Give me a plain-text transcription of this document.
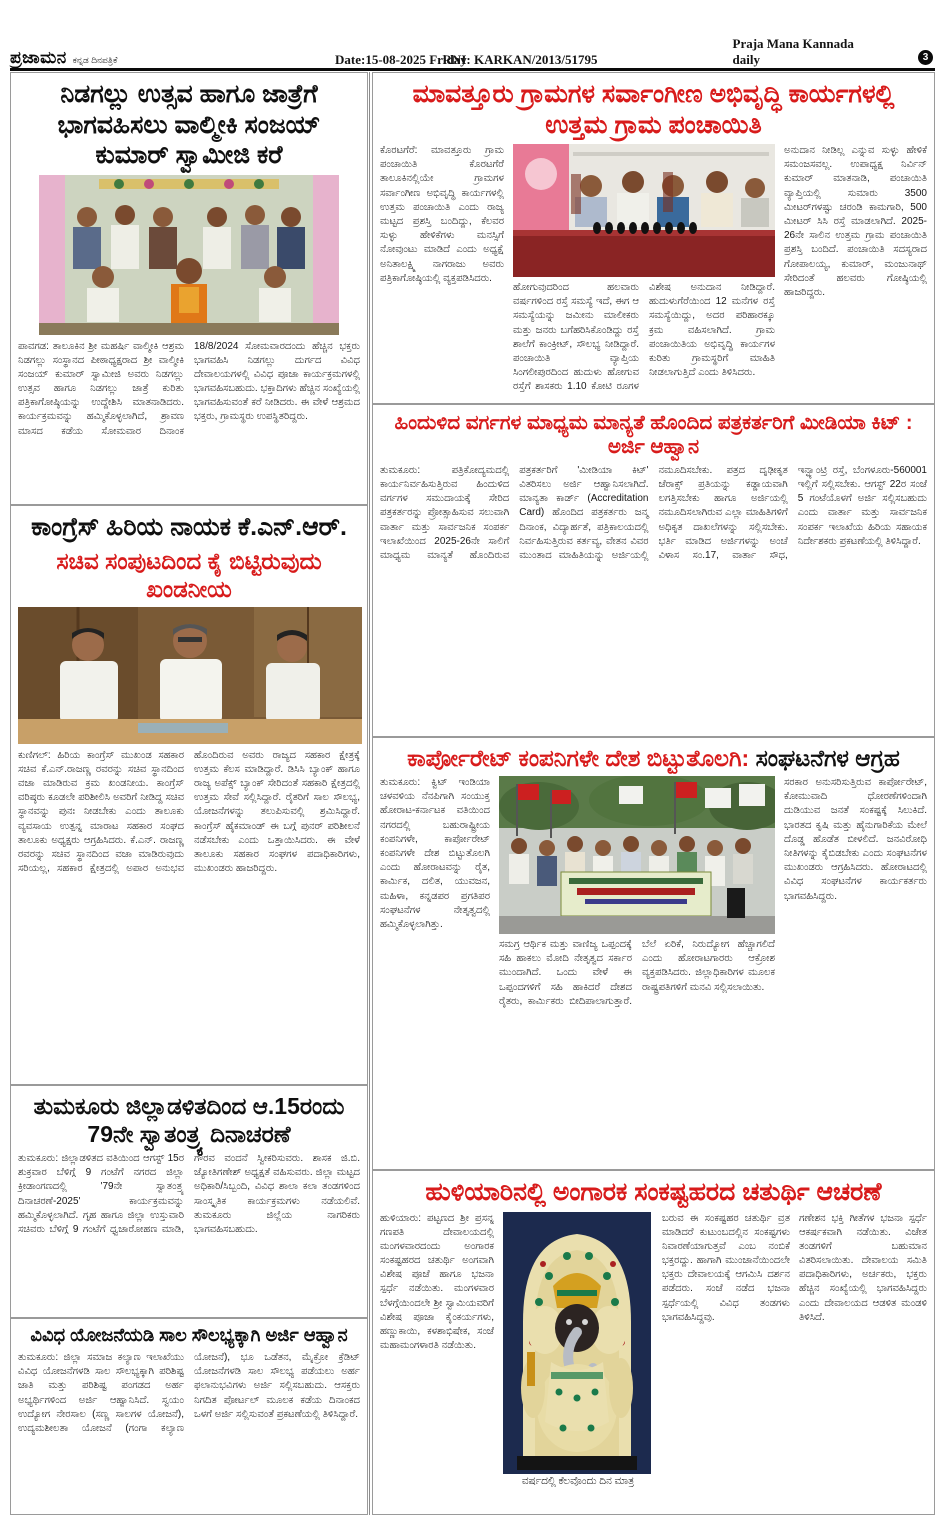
ಪ್ರಜಾಮನ ಕನ್ನಡ ದಿನಪತ್ರಿಕೆ	Date:15-08-2025 Friday
RNI: KARKAN/2013/51795
Praja Mana Kannada daily	3
ನಿಡಗಲ್ಲು ಉತ್ಸವ ಹಾಗೂ ಜಾತ್ರೆಗೆ ಭಾಗವಹಿಸಲು ವಾಲ್ಮೀಕಿ ಸಂಜಯ್ ಕುಮಾರ್ ಸ್ವಾಮೀಜಿ ಕರೆ
ಪಾವಗಡ: ತಾಲೂಕಿನ ಶ್ರೀ ಮಹರ್ಷಿ ವಾಲ್ಮೀಕಿ ಆಶ್ರಮ ನಿಡಗಲ್ಲು ಸಂಸ್ಥಾನದ ಪೀಠಾಧ್ಯಕ್ಷರಾದ ಶ್ರೀ ವಾಲ್ಮೀಕಿ ಸಂಜಯ್ ಕುಮಾರ್ ಸ್ವಾಮೀಜಿ ಅವರು ನಿಡಗಲ್ಲು ಉತ್ಸವ ಹಾಗೂ ನಿಡಗಲ್ಲು ಜಾತ್ರೆ ಕುರಿತು ಪತ್ರಿಕಾಗೋಷ್ಠಿಯನ್ನು ಉದ್ದೇಶಿಸಿ ಮಾತನಾಡಿದರು. ಕಾರ್ಯಕ್ರಮವನ್ನು ಹಮ್ಮಿಕೊಳ್ಳಲಾಗಿದೆ, ಶ್ರಾವಣ ಮಾಸದ ಕಡೆಯ ಸೋಮವಾರ ದಿನಾಂಕ 18/8/2024 ಸೋಮವಾರದಂದು ಹೆಚ್ಚಿನ ಭಕ್ತರು ಭಾಗವಹಿಸಿ ನಿಡಗಲ್ಲು ದುರ್ಗದ ವಿವಿಧ ದೇವಾಲಯಗಳಲ್ಲಿ ವಿವಿಧ ಪೂಜಾ ಕಾರ್ಯಕ್ರಮಗಳಲ್ಲಿ ಭಾಗವಹಿಸಬಹುದು. ಭಕ್ತಾದಿಗಳು ಹೆಚ್ಚಿನ ಸಂಖ್ಯೆಯಲ್ಲಿ ಭಾಗವಹಿಸುವಂತೆ ಕರೆ ನೀಡಿದರು. ಈ ವೇಳೆ ಆಶ್ರಮದ ಭಕ್ತರು, ಗ್ರಾಮಸ್ಥರು ಉಪಸ್ಥಿತರಿದ್ದರು.
ಕಾಂಗ್ರೆಸ್ ಹಿರಿಯ ನಾಯಕ ಕೆ.ಎನ್.ಆರ್.
ಸಚಿವ ಸಂಪುಟದಿಂದ ಕೈ ಬಿಟ್ಟಿರುವುದು ಖಂಡನೀಯ
ಕುಣಿಗಲ್: ಹಿರಿಯ ಕಾಂಗ್ರೆಸ್ ಮುಖಂಡ ಸಹಕಾರ ಸಚಿವ ಕೆ.ಎನ್.ರಾಜಣ್ಣ ರವರನ್ನು ಸಚಿವ ಸ್ಥಾನದಿಂದ ವಜಾ ಮಾಡಿರುವ ಕ್ರಮ ಖಂಡನೀಯ. ಕಾಂಗ್ರೆಸ್ ವರಿಷ್ಠರು ಕೂಡಲೇ ಪರಿಶೀಲಿಸಿ ಅವರಿಗೆ ನೀಡಿದ್ದ ಸಚಿವ ಸ್ಥಾನವನ್ನು ಪುನಃ ನೀಡಬೇಕು ಎಂದು ತಾಲೂಕು ವ್ಯವಸಾಯ ಉತ್ಪನ್ನ ಮಾರಾಟ ಸಹಕಾರ ಸಂಘದ ತಾಲೂಕು ಅಧ್ಯಕ್ಷರು ಆಗ್ರಹಿಸಿದರು. ಕೆ.ಎನ್. ರಾಜಣ್ಣ ರವರನ್ನು ಸಚಿವ ಸ್ಥಾನದಿಂದ ವಜಾ ಮಾಡಿರುವುದು ಸರಿಯಲ್ಲ, ಸಹಕಾರ ಕ್ಷೇತ್ರದಲ್ಲಿ ಅಪಾರ ಅನುಭವ ಹೊಂದಿರುವ ಅವರು ರಾಜ್ಯದ ಸಹಕಾರ ಕ್ಷೇತ್ರಕ್ಕೆ ಉತ್ತಮ ಕೆಲಸ ಮಾಡಿದ್ದಾರೆ. ಡಿಸಿಸಿ ಬ್ಯಾಂಕ್ ಹಾಗೂ ರಾಜ್ಯ ಅಪೆಕ್ಸ್ ಬ್ಯಾಂಕ್ ಸೇರಿದಂತೆ ಸಹಕಾರಿ ಕ್ಷೇತ್ರದಲ್ಲಿ ಉತ್ತಮ ಸೇವೆ ಸಲ್ಲಿಸಿದ್ದಾರೆ. ರೈತರಿಗೆ ಸಾಲ ಸೌಲಭ್ಯ, ಯೋಜನೆಗಳನ್ನು ತಲುಪಿಸುವಲ್ಲಿ ಶ್ರಮಿಸಿದ್ದಾರೆ. ಕಾಂಗ್ರೆಸ್ ಹೈಕಮಾಂಡ್ ಈ ಬಗ್ಗೆ ಪುನರ್ ಪರಿಶೀಲನೆ ನಡೆಸಬೇಕು ಎಂದು ಒತ್ತಾಯಿಸಿದರು. ಈ ವೇಳೆ ತಾಲೂಕು ಸಹಕಾರ ಸಂಘಗಳ ಪದಾಧಿಕಾರಿಗಳು, ಮುಖಂಡರು ಹಾಜರಿದ್ದರು.
ತುಮಕೂರು ಜಿಲ್ಲಾಡಳಿತದಿಂದ ಆ.15ರಂದು 79ನೇ ಸ್ವಾತಂತ್ರ್ಯ ದಿನಾಚರಣೆ
ತುಮಕೂರು: ಜಿಲ್ಲಾಡಳಿತದ ವತಿಯಿಂದ ಆಗಸ್ಟ್ 15ರ ಶುಕ್ರವಾರ ಬೆಳಿಗ್ಗೆ 9 ಗಂಟೆಗೆ ನಗರದ ಜಿಲ್ಲಾ ಕ್ರೀಡಾಂಗಣದಲ್ಲಿ '79ನೇ ಸ್ವಾತಂತ್ರ್ಯ ದಿನಾಚರಣೆ-2025' ಕಾರ್ಯಕ್ರಮವನ್ನು ಹಮ್ಮಿಕೊಳ್ಳಲಾಗಿದೆ. ಗೃಹ ಹಾಗೂ ಜಿಲ್ಲಾ ಉಸ್ತುವಾರಿ ಸಚಿವರು ಬೆಳಿಗ್ಗೆ 9 ಗಂಟೆಗೆ ಧ್ವಜಾರೋಹಣ ಮಾಡಿ, ಗೌರವ ವಂದನೆ ಸ್ವೀಕರಿಸುವರು. ಶಾಸಕ ಜಿ.ಬಿ. ಜ್ಯೋತಿಗಣೇಶ್ ಅಧ್ಯಕ್ಷತೆ ವಹಿಸುವರು. ಜಿಲ್ಲಾ ಮಟ್ಟದ ಅಧಿಕಾರಿ/ಸಿಬ್ಬಂದಿ, ವಿವಿಧ ಶಾಲಾ ಕಲಾ ತಂಡಗಳಿಂದ ಸಾಂಸ್ಕೃತಿಕ ಕಾರ್ಯಕ್ರಮಗಳು ನಡೆಯಲಿವೆ. ತುಮಕೂರು ಜಿಲ್ಲೆಯ ನಾಗರಿಕರು ಭಾಗವಹಿಸಬಹುದು.
ವಿವಿಧ ಯೋಜನೆಯಡಿ ಸಾಲ ಸೌಲಭ್ಯಕ್ಕಾಗಿ ಅರ್ಜಿ ಆಹ್ವಾನ
ತುಮಕೂರು: ಜಿಲ್ಲಾ ಸಮಾಜ ಕಲ್ಯಾಣ ಇಲಾಖೆಯು ವಿವಿಧ ಯೋಜನೆಗಳಡಿ ಸಾಲ ಸೌಲಭ್ಯಕ್ಕಾಗಿ ಪರಿಶಿಷ್ಟ ಜಾತಿ ಮತ್ತು ಪರಿಶಿಷ್ಟ ಪಂಗಡದ ಅರ್ಹ ಅಭ್ಯರ್ಥಿಗಳಿಂದ ಅರ್ಜಿ ಆಹ್ವಾನಿಸಿದೆ. ಸ್ವಯಂ ಉದ್ಯೋಗ ನೇರಸಾಲ (ಸಣ್ಣ ಸಾಲಗಳ ಯೋಜನೆ), ಉದ್ಯಮಶೀಲತಾ ಯೋಜನೆ (ಗಂಗಾ ಕಲ್ಯಾಣ ಯೋಜನೆ), ಭೂ ಒಡೆತನ, ಮೈಕ್ರೋ ಕ್ರೆಡಿಟ್ ಯೋಜನೆಗಳಡಿ ಸಾಲ ಸೌಲಭ್ಯ ಪಡೆಯಲು ಅರ್ಹ ಫಲಾನುಭವಿಗಳು ಅರ್ಜಿ ಸಲ್ಲಿಸಬಹುದು. ಆಸಕ್ತರು ನಿಗದಿತ ಪೋರ್ಟಲ್ ಮೂಲಕ ಕಡೆಯ ದಿನಾಂಕದ ಒಳಗೆ ಅರ್ಜಿ ಸಲ್ಲಿಸುವಂತೆ ಪ್ರಕಟಣೆಯಲ್ಲಿ ತಿಳಿಸಿದ್ದಾರೆ.
ಮಾವತ್ತೂರು ಗ್ರಾಮಗಳ ಸರ್ವಾಂಗೀಣ ಅಭಿವೃದ್ಧಿ ಕಾರ್ಯಗಳಲ್ಲಿ ಉತ್ತಮ ಗ್ರಾಮ ಪಂಚಾಯಿತಿ
ಕೊರಟಗೆರೆ: ಮಾವತ್ತೂರು ಗ್ರಾಮ ಪಂಚಾಯಿತಿ ಕೊರಟಗೆರೆ ತಾಲೂಕಿನಲ್ಲಿಯೇ ಗ್ರಾಮಗಳ ಸರ್ವಾಂಗೀಣ ಅಭಿವೃದ್ಧಿ ಕಾರ್ಯಗಳಲ್ಲಿ ಉತ್ತಮ ಪಂಚಾಯಿತಿ ಎಂದು ರಾಜ್ಯ ಮಟ್ಟದ ಪ್ರಶಸ್ತಿ ಬಂದಿದ್ದು, ಕೆಲವರ ಸುಳ್ಳು ಹೇಳಿಕೆಗಳು ಮನಸ್ಸಿಗೆ ನೋವುಂಟು ಮಾಡಿದೆ ಎಂದು ಅಧ್ಯಕ್ಷೆ ಅನಿತಾಲಕ್ಷ್ಮಿ ನಾಗರಾಜು ಅವರು ಪತ್ರಿಕಾಗೋಷ್ಠಿಯಲ್ಲಿ ವ್ಯಕ್ತಪಡಿಸಿದರು.
ಹೋಗುವುದರಿಂದ ಹಲವಾರು ವರ್ಷಗಳಿಂದ ರಸ್ತೆ ಸಮಸ್ಯೆ ಇದೆ, ಈಗ ಆ ಸಮಸ್ಯೆಯನ್ನು ಜಮೀನು ಮಾಲೀಕರು ಮತ್ತು ಜನರು ಬಗೆಹರಿಸಿಕೊಂಡಿದ್ದು ರಸ್ತೆ ಶಾಲೆಗೆ ಕಾಂಕ್ರೀಟ್, ಸೌಲಭ್ಯ ನೀಡಿದ್ದಾರೆ. ಪಂಚಾಯಿತಿ ವ್ಯಾಪ್ತಿಯ ಸಿಂಗಲೀಪುರದಿಂದ ಹುದುಳು ಹೋಗುವ ರಸ್ತೆಗೆ ಶಾಸಕರು 1.10 ಕೋಟಿ ರೂಗಳ ವಿಶೇಷ ಅನುದಾನ ನೀಡಿದ್ದಾರೆ. ಹುದುಳುಗೆರೆಯಿಂದ 12 ಮನೆಗಳ ರಸ್ತೆ ಸಮಸ್ಯೆಯಿದ್ದು, ಅದರ ಪರಿಹಾರಕ್ಕೂ ಕ್ರಮ ವಹಿಸಲಾಗಿದೆ. ಗ್ರಾಮ ಪಂಚಾಯಿತಿಯ ಅಭಿವೃದ್ಧಿ ಕಾರ್ಯಗಳ ಕುರಿತು ಗ್ರಾಮಸ್ಥರಿಗೆ ಮಾಹಿತಿ ನೀಡಲಾಗುತ್ತಿದೆ ಎಂದು ತಿಳಿಸಿದರು.
ಅನುದಾನ ನೀಡಿಲ್ಲ ಎನ್ನುವ ಸುಳ್ಳು ಹೇಳಿಕೆ ಸಮಂಜಸವಲ್ಲ. ಉಪಾಧ್ಯಕ್ಷ ನಿರ್ವಿನ್ ಕುಮಾರ್ ಮಾತನಾಡಿ, ಪಂಚಾಯಿತಿ ವ್ಯಾಪ್ತಿಯಲ್ಲಿ ಸುಮಾರು 3500 ಮೀಟರ್‌ಗಳಷ್ಟು ಚರಂಡಿ ಕಾಮಗಾರಿ, 500 ಮೀಟರ್ ಸಿಸಿ ರಸ್ತೆ ಮಾಡಲಾಗಿದೆ. 2025-26ನೇ ಸಾಲಿನ ಉತ್ತಮ ಗ್ರಾಮ ಪಂಚಾಯಿತಿ ಪ್ರಶಸ್ತಿ ಬಂದಿದೆ. ಪಂಚಾಯಿತಿ ಸದಸ್ಯರಾದ ಗೋಪಾಲಯ್ಯ, ಕುಮಾರ್, ಮಂಜುನಾಥ್ ಸೇರಿದಂತೆ ಹಲವರು ಗೋಷ್ಠಿಯಲ್ಲಿ ಹಾಜರಿದ್ದರು.
ಹಿಂದುಳಿದ ವರ್ಗಗಳ ಮಾಧ್ಯಮ ಮಾನ್ಯತೆ ಹೊಂದಿದ ಪತ್ರಕರ್ತರಿಗೆ ಮೀಡಿಯಾ ಕಿಟ್ : ಅರ್ಜಿ ಆಹ್ವಾನ
ತುಮಕೂರು: ಪತ್ರಿಕೋದ್ಯಮದಲ್ಲಿ ಕಾರ್ಯನಿರ್ವಹಿಸುತ್ತಿರುವ ಹಿಂದುಳಿದ ವರ್ಗಗಳ ಸಮುದಾಯಕ್ಕೆ ಸೇರಿದ ಪತ್ರಕರ್ತರನ್ನು ಪ್ರೋತ್ಸಾಹಿಸುವ ಸಲುವಾಗಿ ವಾರ್ತಾ ಮತ್ತು ಸಾರ್ವಜನಿಕ ಸಂಪರ್ಕ ಇಲಾಖೆಯಿಂದ 2025-26ನೇ ಸಾಲಿಗೆ ಮಾಧ್ಯಮ ಮಾನ್ಯತೆ ಹೊಂದಿರುವ ಪತ್ರಕರ್ತರಿಗೆ 'ಮೀಡಿಯಾ ಕಿಟ್' ವಿತರಿಸಲು ಅರ್ಜಿ ಆಹ್ವಾನಿಸಲಾಗಿದೆ. ಮಾನ್ಯತಾ ಕಾರ್ಡ್ (Accreditation Card) ಹೊಂದಿದ ಪತ್ರಕರ್ತರು ಜನ್ಮ ದಿನಾಂಕ, ವಿದ್ಯಾರ್ಹತೆ, ಪತ್ರಿಕಾಲಯದಲ್ಲಿ ನಿರ್ವಹಿಸುತ್ತಿರುವ ಕರ್ತವ್ಯ, ವೇತನ ವಿವರ ಮುಂತಾದ ಮಾಹಿತಿಯನ್ನು ಅರ್ಜಿಯಲ್ಲಿ ನಮೂದಿಸಬೇಕು. ಪತ್ರದ ದೃಢೀಕೃತ ಜೆರಾಕ್ಸ್ ಪ್ರತಿಯನ್ನು ಕಡ್ಡಾಯವಾಗಿ ಲಗತ್ತಿಸಬೇಕು ಹಾಗೂ ಅರ್ಜಿಯಲ್ಲಿ ನಮೂದಿಸಲಾಗಿರುವ ಎಲ್ಲಾ ಮಾಹಿತಿಗಳಿಗೆ ಅಧಿಕೃತ ದಾಖಲೆಗಳನ್ನು ಸಲ್ಲಿಸಬೇಕು. ಭರ್ತಿ ಮಾಡಿದ ಅರ್ಜಿಗಳನ್ನು ಅಂಚೆ ವಿಳಾಸ ಸಂ.17, ವಾರ್ತಾ ಸೌಧ, ಇನ್ಫ್ಯಾಂಟ್ರಿ ರಸ್ತೆ, ಬೆಂಗಳೂರು-560001 ಇಲ್ಲಿಗೆ ಸಲ್ಲಿಸಬೇಕು. ಆಗಸ್ಟ್ 22ರ ಸಂಜೆ 5 ಗಂಟೆಯೊಳಗೆ ಅರ್ಜಿ ಸಲ್ಲಿಸಬಹುದು ಎಂದು ವಾರ್ತಾ ಮತ್ತು ಸಾರ್ವಜನಿಕ ಸಂಪರ್ಕ ಇಲಾಖೆಯ ಹಿರಿಯ ಸಹಾಯಕ ನಿರ್ದೇಶಕರು ಪ್ರಕಟಣೆಯಲ್ಲಿ ತಿಳಿಸಿದ್ದಾರೆ.
ಕಾರ್ಪೋರೇಟ್ ಕಂಪನಿಗಳೇ ದೇಶ ಬಿಟ್ಟುತೊಲಗಿ: ಸಂಘಟನೆಗಳ ಆಗ್ರಹ
ತುಮಕೂರು: ಕ್ವಿಟ್ ಇಂಡಿಯಾ ಚಳವಳಿಯ ನೆನಪಿಗಾಗಿ ಸಂಯುಕ್ತ ಹೋರಾಟ-ಕರ್ನಾಟಕ ವತಿಯಿಂದ ನಗರದಲ್ಲಿ ಬಹುರಾಷ್ಟ್ರೀಯ ಕಂಪನಿಗಳೇ, ಕಾರ್ಪೋರೇಟ್ ಕಂಪನಿಗಳೇ ದೇಶ ಬಿಟ್ಟುತೊಲಗಿ ಎಂದು ಹೋರಾಟವನ್ನು ರೈತ, ಕಾರ್ಮಿಕ, ದಲಿತ, ಯುವಜನ, ಮಹಿಳಾ, ಕನ್ನಡಪರ ಪ್ರಗತಿಪರ ಸಂಘಟನೆಗಳ ನೇತೃತ್ವದಲ್ಲಿ ಹಮ್ಮಿಕೊಳ್ಳಲಾಗಿತ್ತು.
ಸಮಗ್ರ ಆರ್ಥಿಕ ಮತ್ತು ವಾಣಿಜ್ಯ ಒಪ್ಪಂದಕ್ಕೆ ಸಹಿ ಹಾಕಲು ಮೋದಿ ನೇತೃತ್ವದ ಸರ್ಕಾರ ಮುಂದಾಗಿದೆ. ಒಂದು ವೇಳೆ ಈ ಒಪ್ಪಂದಗಳಿಗೆ ಸಹಿ ಹಾಕಿದರೆ ದೇಶದ ರೈತರು, ಕಾರ್ಮಿಕರು ಬೀದಿಪಾಲಾಗುತ್ತಾರೆ. ಬೆಲೆ ಏರಿಕೆ, ನಿರುದ್ಯೋಗ ಹೆಚ್ಚಾಗಲಿದೆ ಎಂದು ಹೋರಾಟಗಾರರು ಆಕ್ರೋಶ ವ್ಯಕ್ತಪಡಿಸಿದರು. ಜಿಲ್ಲಾಧಿಕಾರಿಗಳ ಮೂಲಕ ರಾಷ್ಟ್ರಪತಿಗಳಿಗೆ ಮನವಿ ಸಲ್ಲಿಸಲಾಯಿತು.
ಸರಕಾರ ಅನುಸರಿಸುತ್ತಿರುವ ಕಾರ್ಪೋರೇಟ್, ಕೋಮುವಾದಿ ಧೋರಣೆಗಳಿಂದಾಗಿ ದುಡಿಯುವ ಜನತೆ ಸಂಕಷ್ಟಕ್ಕೆ ಸಿಲುಕಿದೆ. ಭಾರತದ ಕೃಷಿ ಮತ್ತು ಹೈನುಗಾರಿಕೆಯ ಮೇಲೆ ದೊಡ್ಡ ಹೊಡೆತ ಬೀಳಲಿದೆ. ಜನವಿರೋಧಿ ನೀತಿಗಳನ್ನು ಕೈಬಿಡಬೇಕು ಎಂದು ಸಂಘಟನೆಗಳ ಮುಖಂಡರು ಆಗ್ರಹಿಸಿದರು. ಹೋರಾಟದಲ್ಲಿ ವಿವಿಧ ಸಂಘಟನೆಗಳ ಕಾರ್ಯಕರ್ತರು ಭಾಗವಹಿಸಿದ್ದರು.
ಹುಳಿಯಾರಿನಲ್ಲಿ ಅಂಗಾರಕ ಸಂಕಷ್ಟಹರದ ಚತುರ್ಥಿ ಆಚರಣೆ
ಹುಳಿಯಾರು: ಪಟ್ಟಣದ ಶ್ರೀ ಪ್ರಸನ್ನ ಗಣಪತಿ ದೇವಾಲಯದಲ್ಲಿ ಮಂಗಳವಾರದಂದು ಅಂಗಾರಕ ಸಂಕಷ್ಟಹರದ ಚತುರ್ಥಿ ಅಂಗವಾಗಿ ವಿಶೇಷ ಪೂಜೆ ಹಾಗೂ ಭಜನಾ ಸ್ಪರ್ಧೆ ನಡೆಯಿತು. ಮಂಗಳವಾರ ಬೆಳಗ್ಗೆಯಿಂದಲೇ ಶ್ರೀ ಸ್ವಾಮಿಯವರಿಗೆ ವಿಶೇಷ ಪೂಜಾ ಕೈಂಕರ್ಯಗಳು, ಹಣ್ಣುಕಾಯಿ, ಕಳಶಾಭಿಷೇಕ, ಸಂಜೆ ಮಹಾಮಂಗಳಾರತಿ ನಡೆಯಿತು.
ವರ್ಷದಲ್ಲಿ ಕೆಲವೊಂದು ದಿನ ಮಾತ್ರ
ಬರುವ ಈ ಸಂಕಷ್ಟಹರ ಚತುರ್ಥಿ ವ್ರತ ಮಾಡಿದರೆ ಕುಟುಂಬದಲ್ಲಿನ ಸಂಕಷ್ಟಗಳು ನಿವಾರಣೆಯಾಗುತ್ತವೆ ಎಂಬ ನಂಬಿಕೆ ಭಕ್ತರದ್ದು. ಹಾಗಾಗಿ ಮುಂಜಾನೆಯಿಂದಲೇ ಭಕ್ತರು ದೇವಾಲಯಕ್ಕೆ ಆಗಮಿಸಿ ದರ್ಶನ ಪಡೆದರು. ಸಂಜೆ ನಡೆದ ಭಜನಾ ಸ್ಪರ್ಧೆಯಲ್ಲಿ ವಿವಿಧ ತಂಡಗಳು ಭಾಗವಹಿಸಿದ್ದವು.
ಗಣೇಶನ ಭಕ್ತಿ ಗೀತೆಗಳ ಭಜನಾ ಸ್ಪರ್ಧೆ ಆಕರ್ಷಕವಾಗಿ ನಡೆಯಿತು. ವಿಜೇತ ತಂಡಗಳಿಗೆ ಬಹುಮಾನ ವಿತರಿಸಲಾಯಿತು. ದೇವಾಲಯ ಸಮಿತಿ ಪದಾಧಿಕಾರಿಗಳು, ಅರ್ಚಕರು, ಭಕ್ತರು ಹೆಚ್ಚಿನ ಸಂಖ್ಯೆಯಲ್ಲಿ ಭಾಗವಹಿಸಿದ್ದರು ಎಂದು ದೇವಾಲಯದ ಆಡಳಿತ ಮಂಡಳಿ ತಿಳಿಸಿದೆ.
